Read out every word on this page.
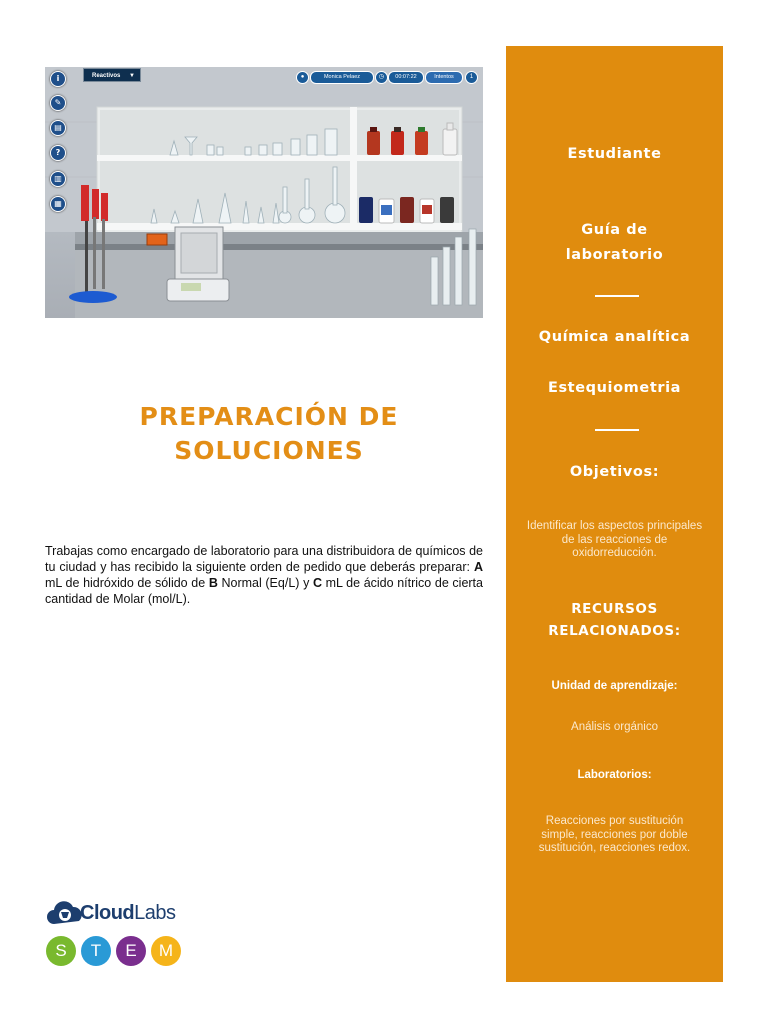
i
✎
▤
?
▥
▦
Reactivos ▼	●	Monica Pelaez	◷	00:07:22	Intentos	1
PREPARACIÓN DE
SOLUCIONES
Trabajas como encargado de laboratorio para una distribuidora de químicos de tu ciudad y has recibido la siguiente orden de pedido que deberás preparar: A mL de hidróxido de sólido de B Normal (Eq/L) y C mL de ácido nítrico de cierta cantidad de Molar (mol/L).
CloudLabs
S	T	E	M
Estudiante
Guía de
laboratorio
Química analítica
Estequiometria
Objetivos:
Identificar los aspectos principales de las reacciones de oxidorreducción.
RECURSOS
RELACIONADOS:
Unidad de aprendizaje:
Análisis orgánico
Laboratorios:
Reacciones por sustitución simple, reacciones por doble sustitución, reacciones redox.
